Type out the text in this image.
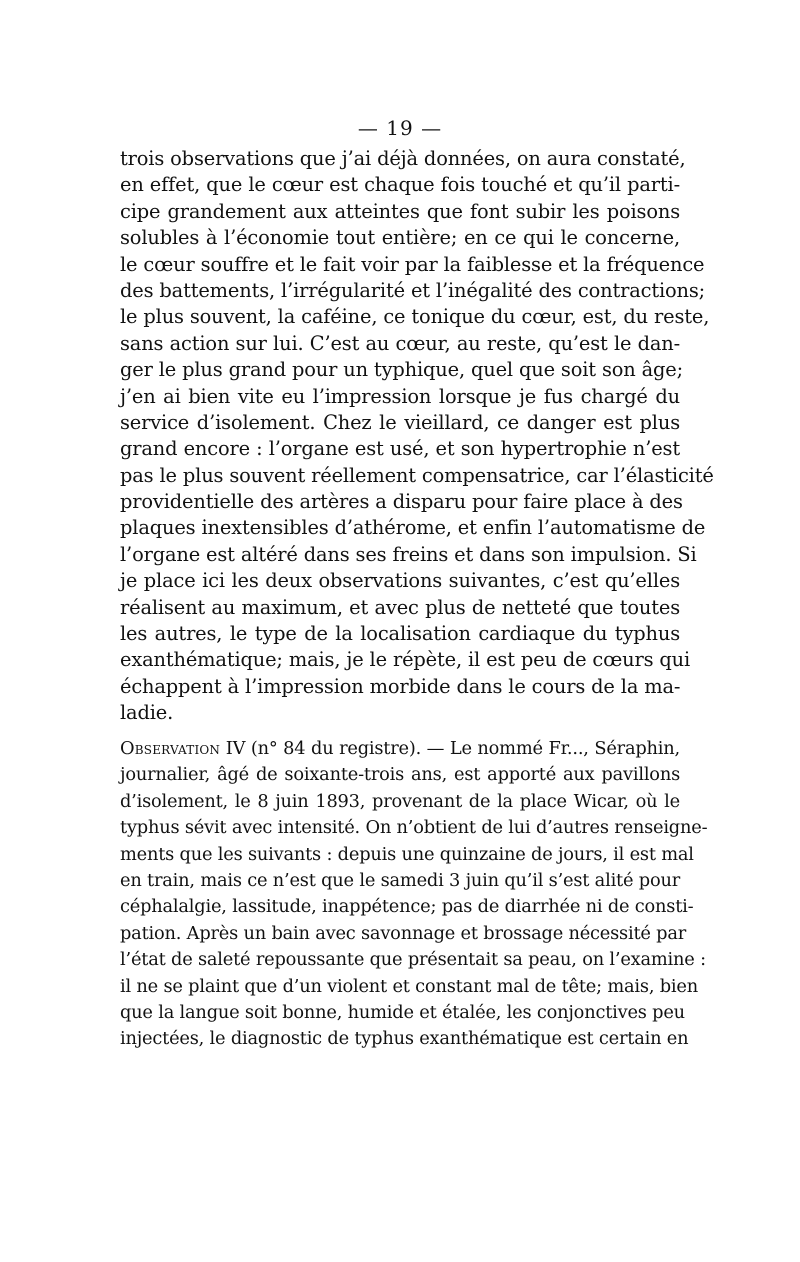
— 19 —
trois observations que j’ai déjà données, on aura constaté,
en effet, que le cœur est chaque fois touché et qu’il parti-
cipe grandement aux atteintes que font subir les poisons
solubles à l’économie tout entière; en ce qui le concerne,
le cœur souffre et le fait voir par la faiblesse et la fréquence
des battements, l’irrégularité et l’inégalité des contractions;
le plus souvent, la caféine, ce tonique du cœur, est, du reste,
sans action sur lui. C’est au cœur, au reste, qu’est le dan-
ger le plus grand pour un typhique, quel que soit son âge;
j’en ai bien vite eu l’impression lorsque je fus chargé du
service d’isolement. Chez le vieillard, ce danger est plus
grand encore : l’organe est usé, et son hypertrophie n’est
pas le plus souvent réellement compensatrice, car l’élasticité
providentielle des artères a disparu pour faire place à des
plaques inextensibles d’athérome, et enfin l’automatisme de
l’organe est altéré dans ses freins et dans son impulsion. Si
je place ici les deux observations suivantes, c’est qu’elles
réalisent au maximum, et avec plus de netteté que toutes
les autres, le type de la localisation cardiaque du typhus
exanthématique; mais, je le répète, il est peu de cœurs qui
échappent à l’impression morbide dans le cours de la ma-
ladie.
Observation IV (n° 84 du registre). — Le nommé Fr..., Séraphin,
journalier, âgé de soixante-trois ans, est apporté aux pavillons
d’isolement, le 8 juin 1893, provenant de la place Wicar, où le
typhus sévit avec intensité. On n’obtient de lui d’autres renseigne-
ments que les suivants : depuis une quinzaine de jours, il est mal
en train, mais ce n’est que le samedi 3 juin qu’il s’est alité pour
céphalalgie, lassitude, inappétence; pas de diarrhée ni de consti-
pation. Après un bain avec savonnage et brossage nécessité par
l’état de saleté repoussante que présentait sa peau, on l’examine :
il ne se plaint que d’un violent et constant mal de tête; mais, bien
que la langue soit bonne, humide et étalée, les conjonctives peu
injectées, le diagnostic de typhus exanthématique est certain en
